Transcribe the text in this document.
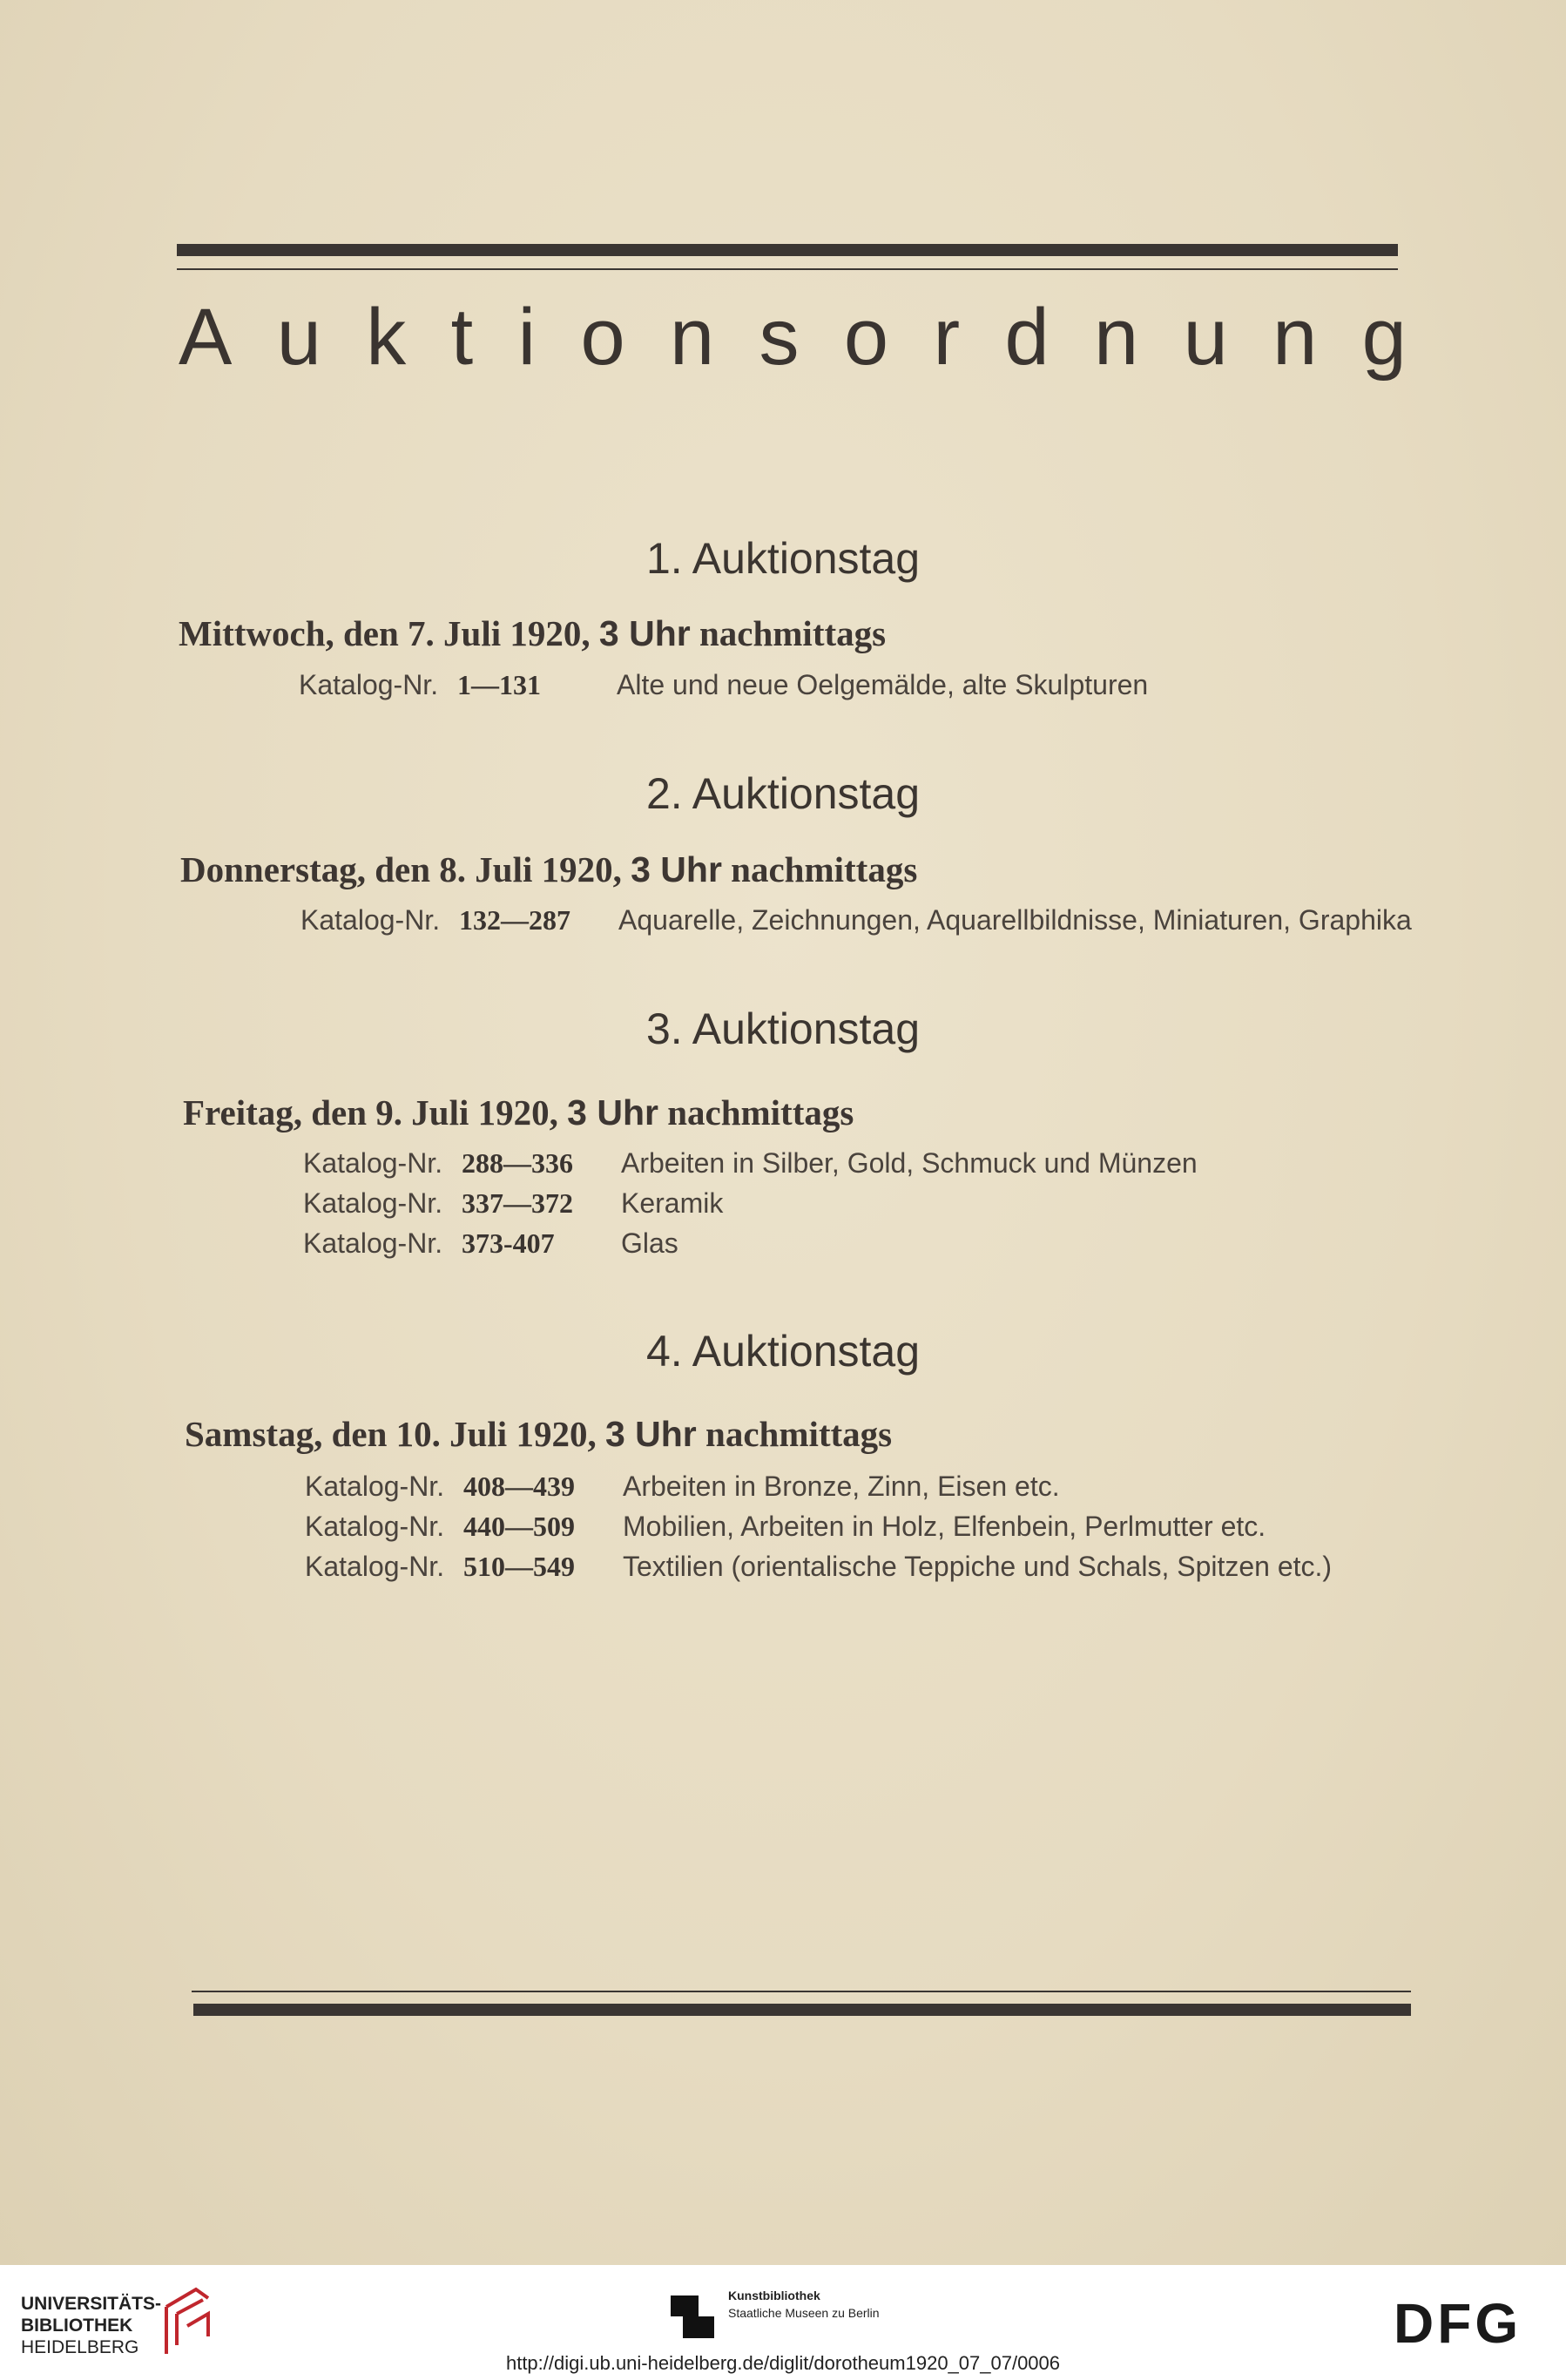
A u k t i o n s o r d n u n g
1. Auktionstag
Mittwoch, den 7. Juli 1920, 3 Uhr nachmittags
Katalog-Nr. 1—131	Alte und neue Oelgemälde, alte Skulpturen
2. Auktionstag
Donnerstag, den 8. Juli 1920, 3 Uhr nachmittags
Katalog-Nr. 132—287 Aquarelle, Zeichnungen, Aquarellbildnisse, Miniaturen, Graphika
3. Auktionstag
Freitag, den 9. Juli 1920, 3 Uhr nachmittags
Katalog-Nr. 288—336 Arbeiten in Silber, Gold, Schmuck und Münzen
Katalog-Nr. 337—372 Keramik
Katalog-Nr. 373-407 Glas
4. Auktionstag
Samstag, den 10. Juli 1920, 3 Uhr nachmittags
Katalog-Nr. 408—439 Arbeiten in Bronze, Zinn, Eisen etc.
Katalog-Nr. 440—509 Mobilien, Arbeiten in Holz, Elfenbein, Perlmutter etc.
Katalog-Nr. 510—549 Textilien (orientalische Teppiche und Schals, Spitzen etc.)
UNIVERSITÄTS-
BIBLIOTHEK
HEIDELBERG
Kunstbibliothek
Staatliche Museen zu Berlin	DFG
http://digi.ub.uni-heidelberg.de/diglit/dorotheum1920_07_07/0006
